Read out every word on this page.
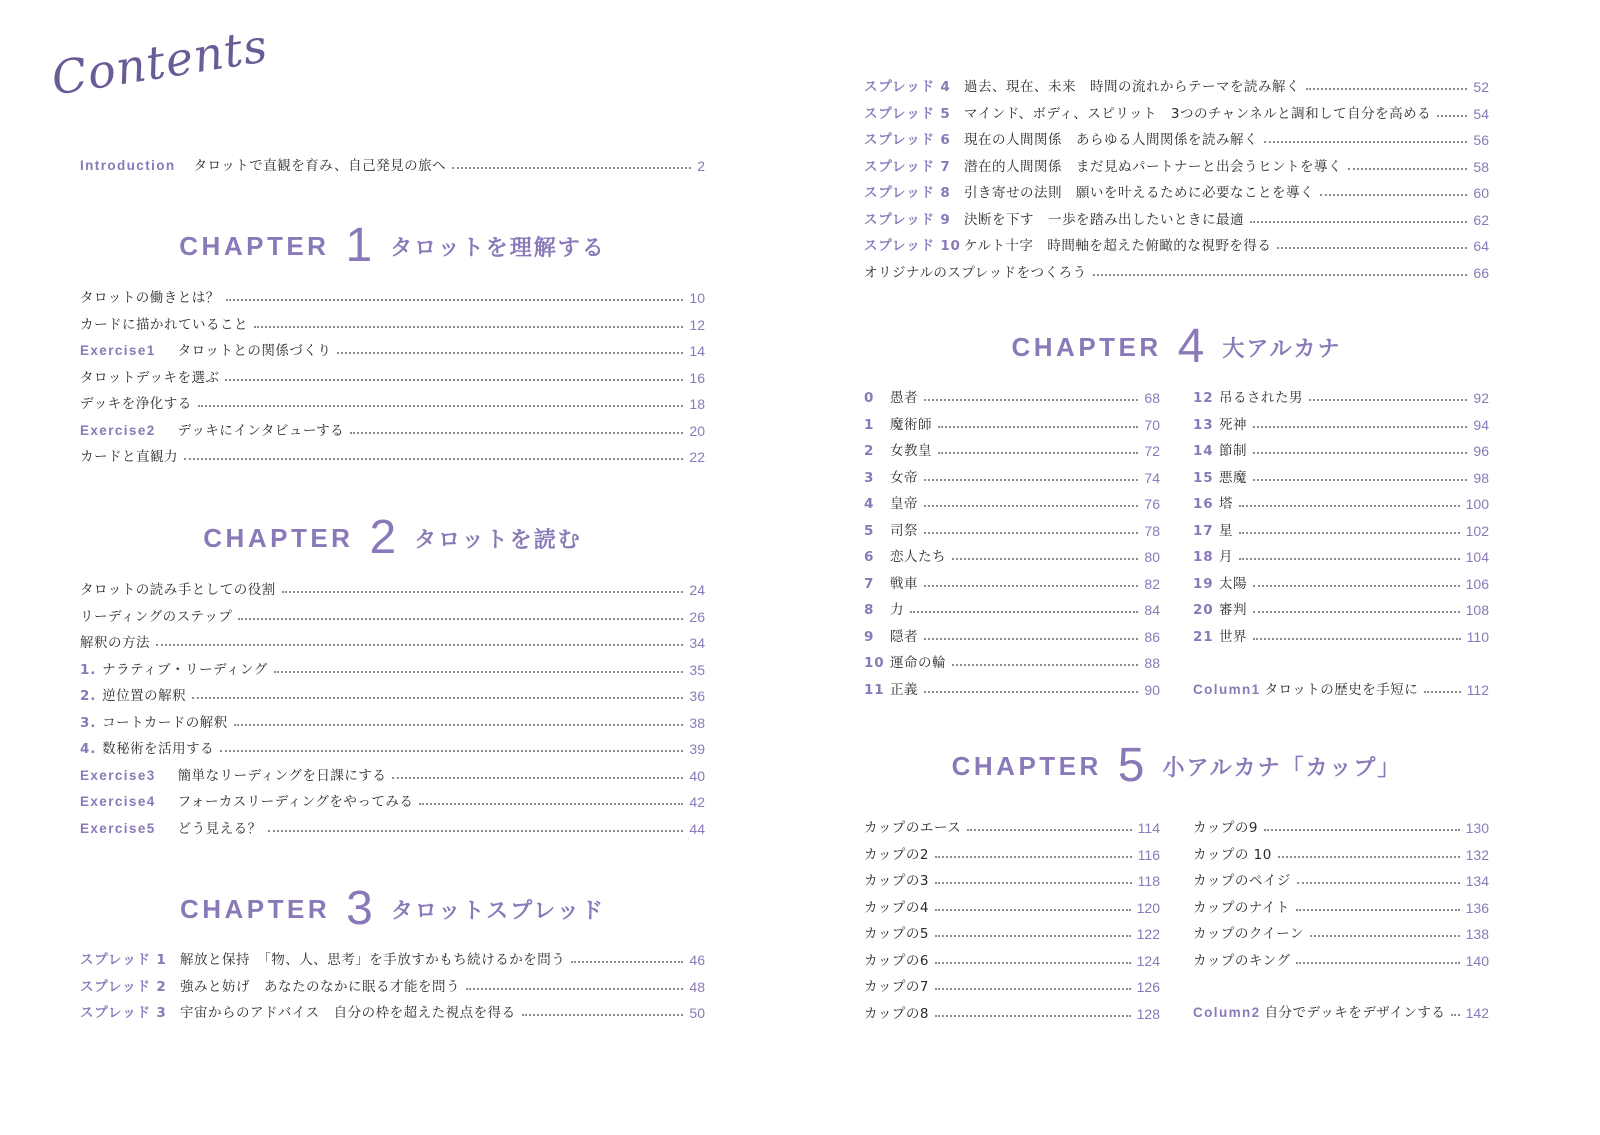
Contents
Introduction タロットで直観を育み、自己発見の旅へ	2
CHAPTER 1 タロットを理解する
タロットの働きとは？	10
カードに描かれていること	12
Exercise1 タロットとの関係づくり	14
タロットデッキを選ぶ	16
デッキを浄化する	18
Exercise2 デッキにインタビューする	20
カードと直観力	22
CHAPTER 2 タロットを読む
タロットの読み手としての役割	24
リーディングのステップ	26
解釈の方法	34
1. ナラティブ・リーディング	35
2. 逆位置の解釈	36
3. コートカードの解釈	38
4. 数秘術を活用する	39
Exercise3 簡単なリーディングを日課にする	40
Exercise4 フォーカスリーディングをやってみる	42
Exercise5 どう見える？	44
CHAPTER 3 タロットスプレッド
スプレッド 1 解放と保持　「物、人、思考」を手放すかもち続けるかを問う	46
スプレッド 2 強みと妨げ　あなたのなかに眠る才能を問う	48
スプレッド 3 宇宙からのアドバイス　自分の枠を超えた視点を得る	50
スプレッド 4 過去、現在、未来　時間の流れからテーマを読み解く	52
スプレッド 5 マインド、ボディ、スピリット　3つのチャンネルと調和して自分を高める	54
スプレッド 6 現在の人間関係　あらゆる人間関係を読み解く	56
スプレッド 7 潜在的人間関係　まだ見ぬパートナーと出会うヒントを導く	58
スプレッド 8 引き寄せの法則　願いを叶えるために必要なことを導く	60
スプレッド 9 決断を下す　一歩を踏み出したいときに最適	62
スプレッド 10 ケルト十字　時間軸を超えた俯瞰的な視野を得る	64
オリジナルのスプレッドをつくろう	66
CHAPTER 4 大アルカナ
0	愚者	68
1	魔術師	70
2	女教皇	72
3	女帝	74
4	皇帝	76
5	司祭	78
6	恋人たち	80
7	戦車	82
8	力	84
9	隠者	86
10 運命の輪	88
11 正義	90
12 吊るされた男	92
13 死神	94
14 節制	96
15 悪魔	98
16 塔	100
17 星	102
18 月	104
19 太陽	106
20 審判	108
21 世界	110
Column1 タロットの歴史を手短に	112
CHAPTER 5 小アルカナ「カップ」
カップのエース	114
カップの2	116
カップの3	118
カップの4	120
カップの5	122
カップの6	124
カップの7	126
カップの8	128
カップの9	130
カップの 10	132
カップのペイジ	134
カップのナイト	136
カップのクイーン	138
カップのキング	140
Column2 自分でデッキをデザインする 142
